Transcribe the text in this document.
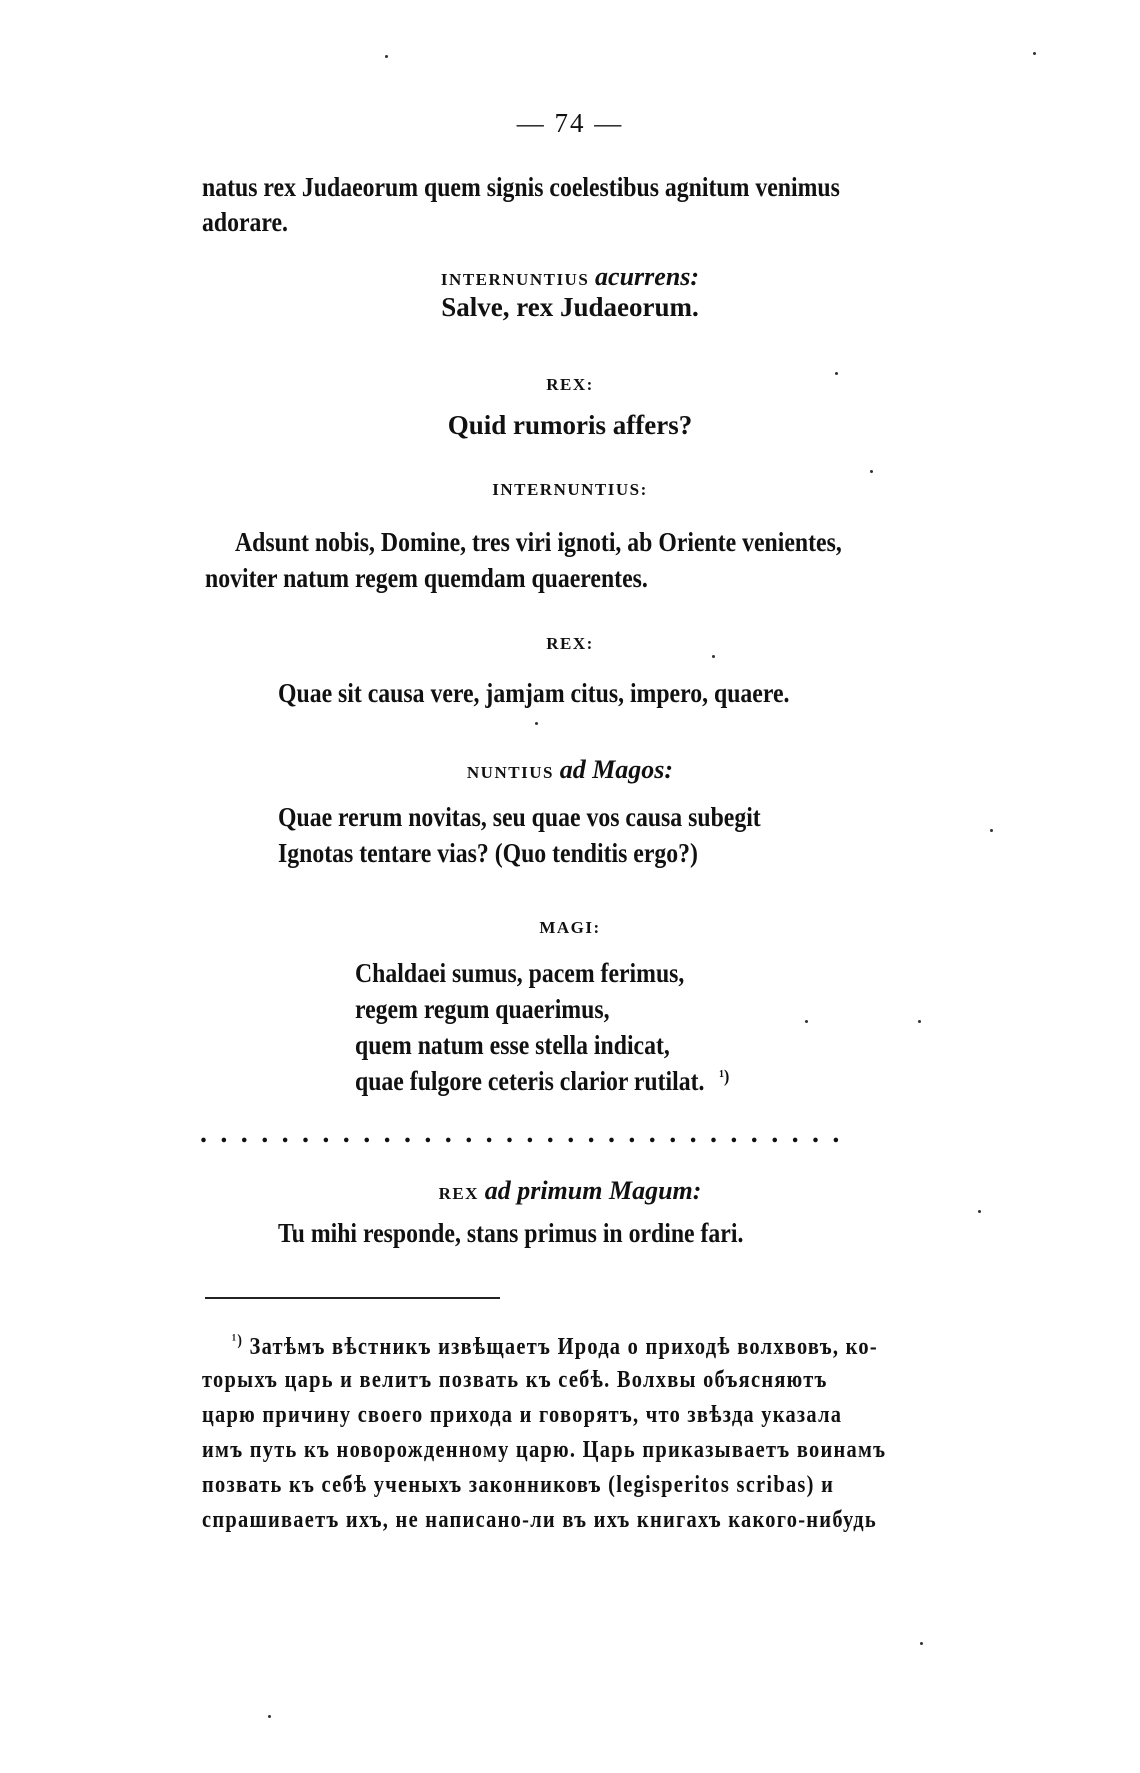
— 74 —
natus rex Judaeorum quem signis coelestibus agnitum venimus
adorare.
INTERNUNTIUS acurrens:
Salve, rex Judaeorum.
REX:
Quid rumoris affers?
INTERNUNTIUS:
Adsunt nobis, Domine, tres viri ignoti, ab Oriente venientes,
noviter natum regem quemdam quaerentes.
REX:
Quae sit causa vere, jamjam citus, impero, quaere.
NUNTIUS ad Magos:
Quae rerum novitas, seu quae vos causa subegit
Ignotas tentare vias? (Quo tenditis ergo?)
MAGI:
Chaldaei sumus, pacem ferimus,
regem regum quaerimus,
quem natum esse stella indicat,
quae fulgore ceteris clarior rutilat. $^{^1)}$
................................
REX ad primum Magum:
Tu mihi responde, stans primus in ordine fari.
$^{^1)}$ Затѣмъ вѣстникъ извѣщаетъ Ирода о приходѣ волхвовъ, ко-
торыхъ царь и велитъ позвать къ себѣ. Волхвы объясняютъ
царю причину своего прихода и говорятъ, что звѣзда указала
имъ путь къ новорожденному царю. Царь приказываетъ воинамъ
позвать къ себѣ ученыхъ законниковъ (legisperitos scribas) и
спрашиваетъ ихъ, не написано-ли въ ихъ книгахъ какого-нибудь
